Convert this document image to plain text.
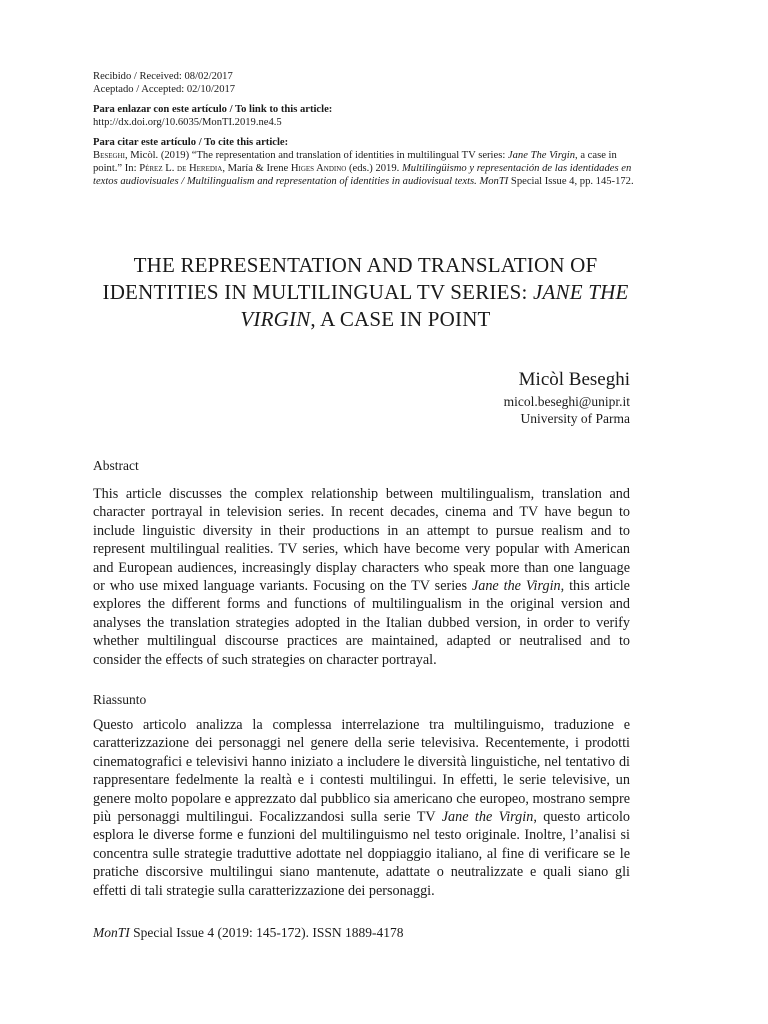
Recibido / Received: 08/02/2017

Aceptado / Accepted: 02/10/2017

Para enlazar con este artículo / To link to this article:

http://dx.doi.org/10.6035/MonTI.2019.ne4.5

Para citar este artículo / To cite this article:

Beseghi, Micòl. (2019) “The representation and translation of identities in multilingual TV series: Jane The Virgin, a case in point.” In: Pérez L. de Heredia, María & Irene Higes Andino (eds.) 2019. Multilingüismo y representación de las identidades en textos audiovisuales / Multilingualism and representation of identities in audiovisual texts. MonTI Special Issue 4, pp. 145-172.

THE REPRESENTATION AND TRANSLATION OF IDENTITIES IN MULTILINGUAL TV SERIES: JANE THE VIRGIN, A CASE IN POINT
Micòl Beseghi
micol.beseghi@unipr.it
University of Parma
Abstract
This article discusses the complex relationship between multilingualism, translation and character portrayal in television series. In recent decades, cinema and TV have begun to include linguistic diversity in their productions in an attempt to pursue realism and to represent multilingual realities. TV series, which have become very popular with American and European audiences, increasingly display characters who speak more than one language or who use mixed language variants. Focusing on the TV series Jane the Virgin, this article explores the different forms and functions of multilingualism in the original version and analyses the translation strategies adopted in the Italian dubbed version, in order to verify whether multilingual discourse practices are maintained, adapted or neutralised and to consider the effects of such strategies on character portrayal.
Riassunto
Questo articolo analizza la complessa interrelazione tra multilinguismo, traduzione e caratterizzazione dei personaggi nel genere della serie televisiva. Recentemente, i prodotti cinematografici e televisivi hanno iniziato a includere le diversità linguistiche, nel tentativo di rappresentare fedelmente la realtà e i contesti multilingui. In effetti, le serie televisive, un genere molto popolare e apprezzato dal pubblico sia americano che europeo, mostrano sempre più personaggi multilingui. Focalizzandosi sulla serie TV Jane the Virgin, questo articolo esplora le diverse forme e funzioni del multilinguismo nel testo originale. Inoltre, l’analisi si concentra sulle strategie traduttive adottate nel doppiaggio italiano, al fine di verificare se le pratiche discorsive multilingui siano mantenute, adattate o neutralizzate e quali siano gli effetti di tali strategie sulla caratterizzazione dei personaggi.
MonTI Special Issue 4 (2019: 145-172). ISSN 1889-4178
